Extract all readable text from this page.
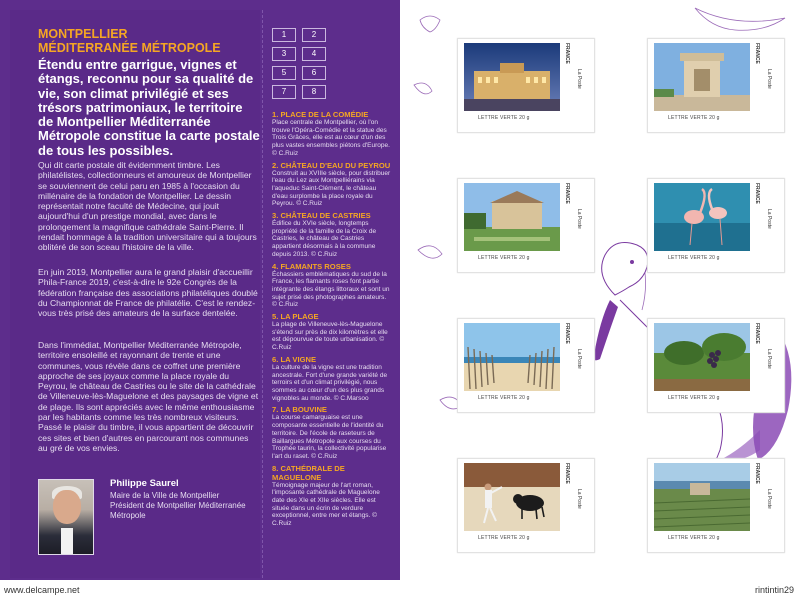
MONTPELLIER
MÉDITERRANÉE MÉTROPOLE
Étendu entre garrigue, vignes et étangs, reconnu pour sa qualité de vie, son climat privilégié et ses trésors patrimoniaux, le territoire de Montpellier Méditerranée Métropole constitue la carte postale de tous les possibles.
Qui dit carte postale dit évidemment timbre. Les philatélistes, collectionneurs et amoureux de Montpellier se souviennent de celui paru en 1985 à l'occasion du millénaire de la fondation de Montpellier. Le dessin représentait notre faculté de Médecine, qui jouit aujourd'hui d'un prestige mondial, avec dans le prolongement la magnifique cathédrale Saint-Pierre. Il rendait hommage à la tradition universitaire qui a toujours oblitéré de son sceau l'histoire de la ville.
En juin 2019, Montpellier aura le grand plaisir d'accueillir Phila-France 2019, c'est-à-dire le 92e Congrès de la fédération française des associations philatéliques doublé du Championnat de France de philatélie. C'est le rendez-vous très prisé des amateurs de la surface dentelée.
Dans l'immédiat, Montpellier Méditerranée Métropole, territoire ensoleillé et rayonnant de trente et une communes, vous révèle dans ce coffret une première approche de ses joyaux comme la place royale du Peyrou, le château de Castries ou le site de la cathédrale de Villeneuve-lès-Maguelone et des paysages de vigne et de plage. Ils sont appréciés avec le même enthousiasme par les habitants comme les très nombreux visiteurs. Passé le plaisir du timbre, il vous appartient de découvrir ces sites et bien d'autres en parcourant nos communes au gré de vos envies.
Philippe Saurel
Maire de la Ville de Montpellier Président de Montpellier Méditerranée Métropole
1	2
3	4
5	6
7	8
1. PLACE DE LA COMÉDIE
Place centrale de Montpellier, où l'on trouve l'Opéra-Comédie et la statue des Trois Grâces, elle est au cœur d'un des plus vastes ensembles piétons d'Europe. © C.Ruiz
2. CHÂTEAU D'EAU DU PEYROU
Construit au XVIIIe siècle, pour distribuer l'eau du Lez aux Montpelliérains via l'aqueduc Saint-Clément, le château d'eau surplombe la place royale du Peyrou. © C.Ruiz
3. CHÂTEAU DE CASTRIES
Édifice du XVIe siècle, longtemps propriété de la famille de la Croix de Castries, le château de Castries appartient désormais à la commune depuis 2013. © C.Ruiz
4. FLAMANTS ROSES
Échassiers emblématiques du sud de la France, les flamants roses font partie intégrante des étangs littoraux et sont un sujet prisé des photographes amateurs. © C.Ruiz
5. LA PLAGE
La plage de Villeneuve-lès-Maguelone s'étend sur près de dix kilomètres et elle est dépourvue de toute urbanisation. © C.Ruiz
6. LA VIGNE
La culture de la vigne est une tradition ancestrale. Fort d'une grande variété de terroirs et d'un climat privilégié, nous sommes au cœur d'un des plus grands vignobles au monde. © C.Marsoo
7. LA BOUVINE
La course camarguaise est une composante essentielle de l'identité du territoire. De l'école de raseteurs de Baillargues Métropole aux courses du Trophée taurin, la collectivité popularise l'art du raset. © C.Ruiz
8. CATHÉDRALE DE MAGUELONE
Témoignage majeur de l'art roman, l'imposante cathédrale de Maguelone date des XIe et XIIe siècles. Elle est située dans un écrin de verdure exceptionnel, entre mer et étangs. © C.Ruiz
FRANCE
La Poste
LETTRE VERTE 20 g
FRANCE
La Poste
LETTRE VERTE 20 g
FRANCE
La Poste
LETTRE VERTE 20 g
FRANCE
La Poste
LETTRE VERTE 20 g
FRANCE
La Poste
LETTRE VERTE 20 g
FRANCE
La Poste
LETTRE VERTE 20 g
FRANCE
La Poste
LETTRE VERTE 20 g
FRANCE
La Poste
LETTRE VERTE 20 g
www.delcampe.net	rintintin29
